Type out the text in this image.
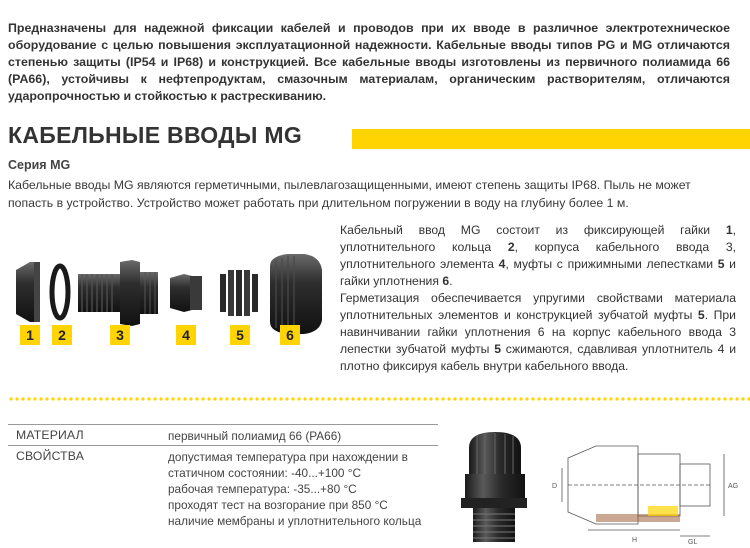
Предназначены для надежной фиксации кабелей и проводов при их вводе в различное электротехническое оборудование с целью повышения эксплуатационной надежности. Кабельные вводы типов PG и MG отличаются степенью защиты (IP54 и IP68) и конструкцией. Все кабельные вводы изготовлены из первичного полиамида 66 (PA66), устойчивы к нефтепродуктам, смазочным материалам, органическим растворителям, отличаются ударопрочностью и стойкостью к растрескиванию.
КАБЕЛЬНЫЕ ВВОДЫ MG
Серия MG
Кабельные вводы MG являются герметичными, пылевлагозащищенными, имеют степень защиты IP68. Пыль не может попасть в устройство. Устройство может работать при длительном погружении в воду на глубину более 1 м.
1	2	3	4	5	6
Кабельный ввод MG состоит из фиксирующей гайки 1, уплотнительного кольца 2, корпуса кабельного ввода 3, уплотнительного элемента 4, муфты с прижимными лепестками 5 и гайки уплотнения 6.
Герметизация обеспечивается упругими свойствами материала уплотнительных элементов и конструкцией зубчатой муфты 5. При навинчивании гайки уплотнения 6 на корпус кабельного ввода 3 лепестки зубчатой муфты 5 сжимаются, сдавливая уплотнитель 4 и плотно фиксируя кабель внутри кабельного ввода.
МАТЕРИАЛ	первичный полиамид 66 (PA66)
СВОЙСТВА	допустимая температура при нахождении в статичном состоянии: -40...+100 °С
рабочая температура: -35...+80 °С
проходят тест на возгорание при 850 °С
наличие мембраны и уплотнительного кольца
D	AG
H	GL
